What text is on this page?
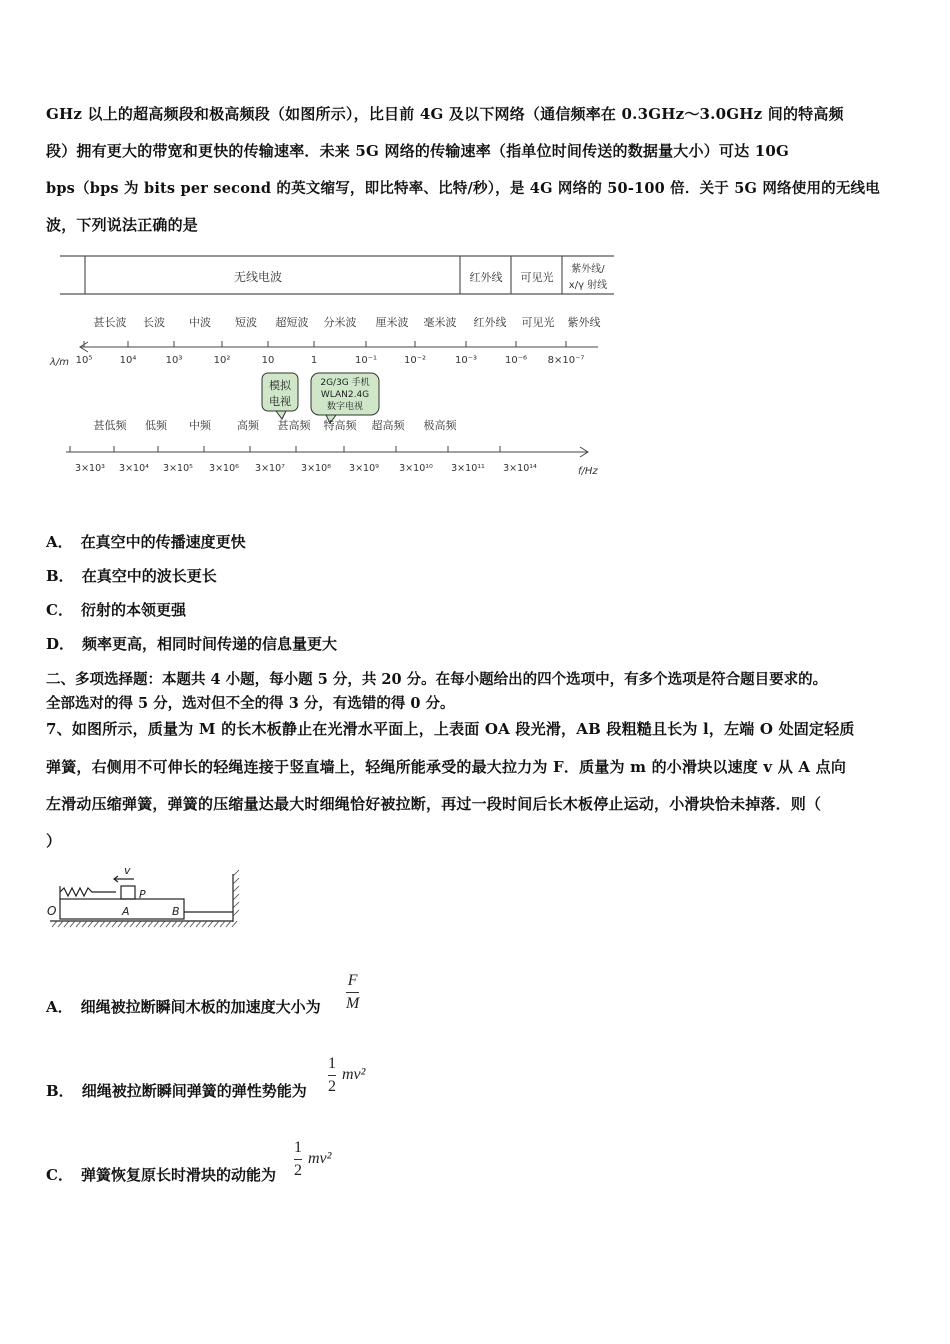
GHz 以上的超高频段和极高频段（如图所示），比目前 4G 及以下网络（通信频率在 0.3GHz～3.0GHz 间的特高频
段）拥有更大的带宽和更快的传输速率．未来 5G 网络的传输速率（指单位时间传送的数据量大小）可达 10G
bps（bps 为 bits per second 的英文缩写，即比特率、比特/秒），是 4G 网络的 50-100 倍．关于 5G 网络使用的无线电
波，下列说法正确的是
无线电波	红外线 可见光
紫外线/
x/γ 射线
甚长波 长波 中波 短波 超短波 分米波 厘米波 毫米波 红外线 可见光 紫外线
λ/m 10⁵	10⁴	10³	10²	10	1	10⁻¹	10⁻²	10⁻³	10⁻⁶ 8×10⁻⁷
模拟
电视
2G/3G 手机
WLAN2.4G
数字电视
甚低频 低频 中频 高频 甚高频 特高频 超高频 极高频
3×10³ 3×10⁴ 3×10⁵ 3×10⁶ 3×10⁷ 3×10⁸ 3×10⁹ 3×10¹⁰ 3×10¹¹ 3×10¹⁴	f/Hz
A． 在真空中的传播速度更快
B． 在真空中的波长更长
C． 衍射的本领更强
D． 频率更高，相同时间传递的信息量更大
二、多项选择题：本题共 4 小题，每小题 5 分，共 20 分。在每小题给出的四个选项中，有多个选项是符合题目要求的。
全部选对的得 5 分，选对但不全的得 3 分，有选错的得 0 分。
7、如图所示，质量为 M 的长木板静止在光滑水平面上，上表面 OA 段光滑，AB 段粗糙且长为 l，左端 O 处固定轻质
弹簧，右侧用不可伸长的轻绳连接于竖直墙上，轻绳所能承受的最大拉力为 F．质量为 m 的小滑块以速度 v 从 A 点向
左滑动压缩弹簧，弹簧的压缩量达最大时细绳恰好被拉断，再过一段时间后长木板停止运动，小滑块恰未掉落．则（
）
v
P
O	A	B
A． 细绳被拉断瞬间木板的加速度大小为
F
M
B． 细绳被拉断瞬间弹簧的弹性势能为
1
2
mv²
C． 弹簧恢复原长时滑块的动能为
1
2
mv²
